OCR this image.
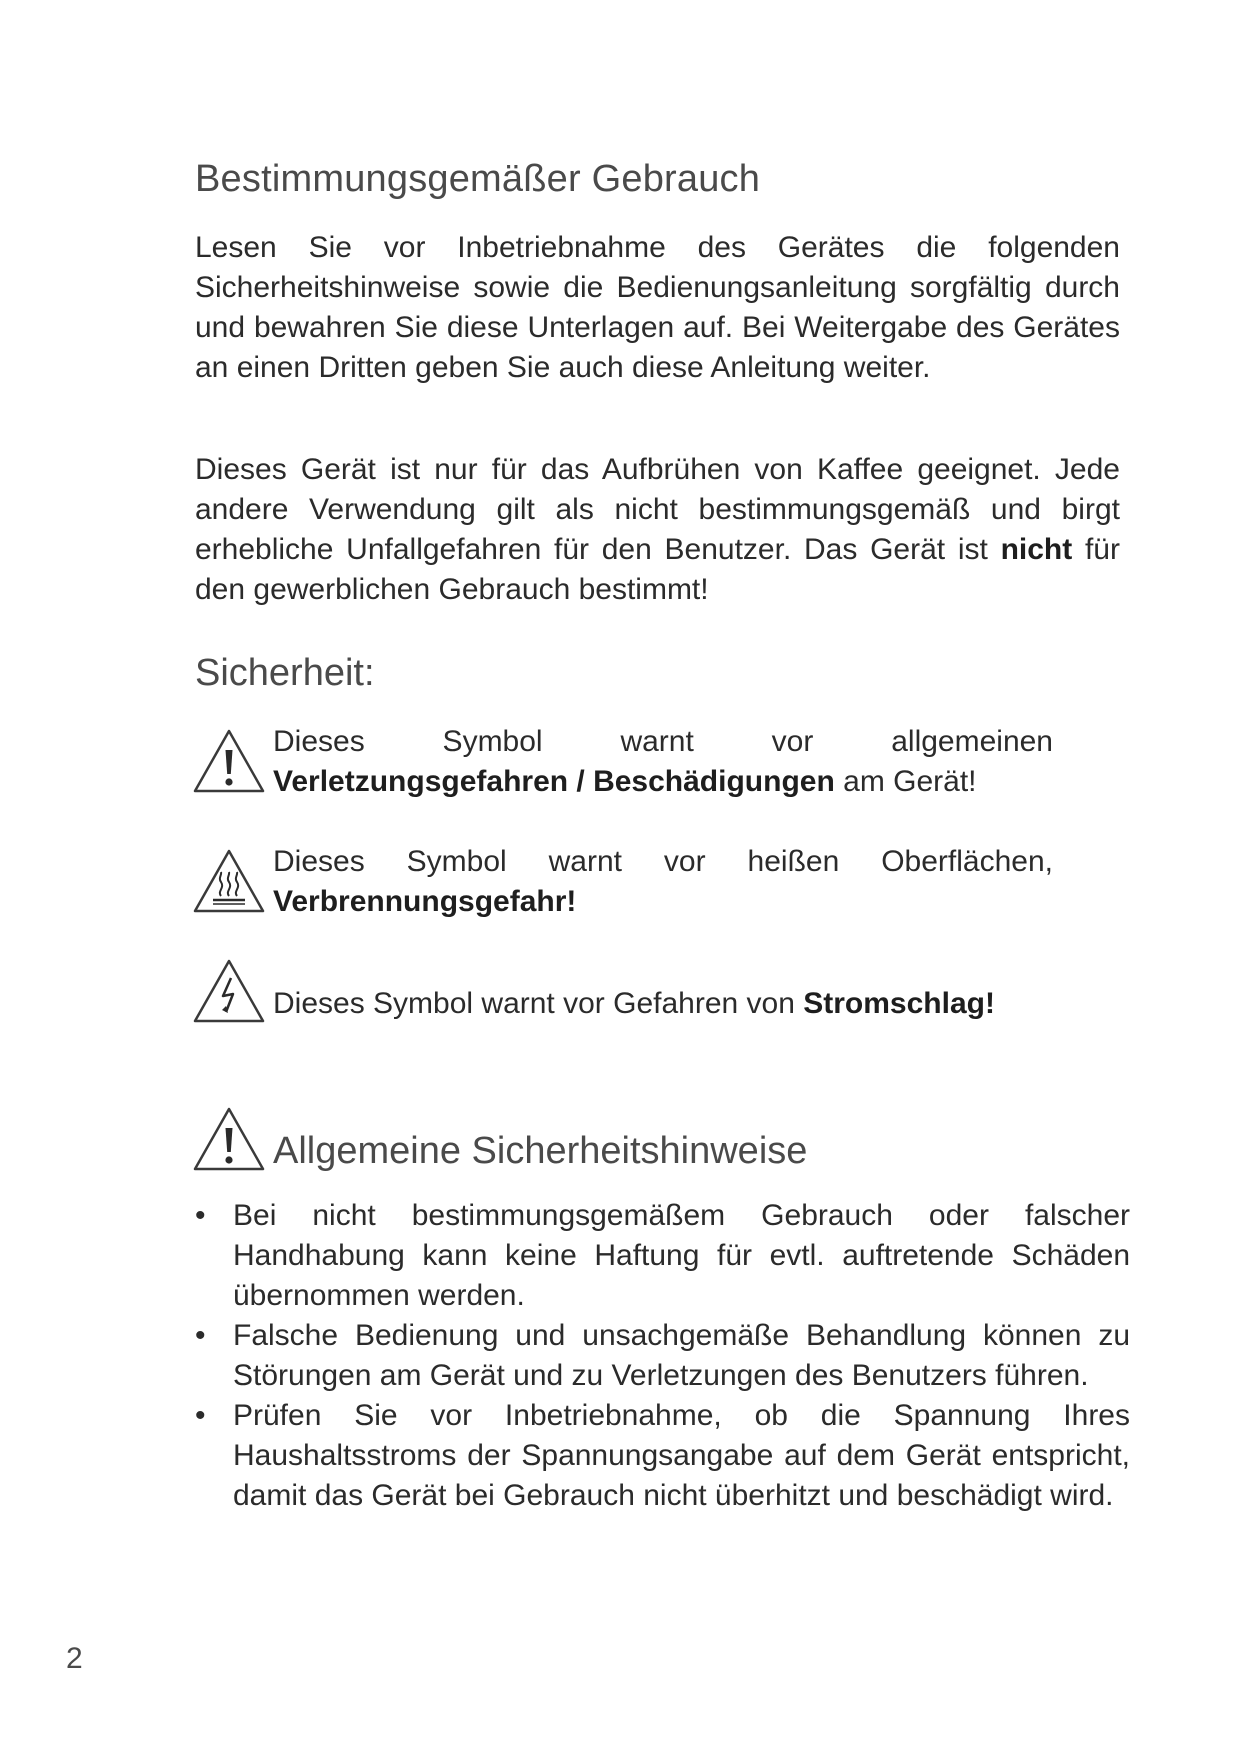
Bestimmungsgemäßer Gebrauch

Lesen Sie vor Inbetriebnahme des Gerätes die folgenden Sicherheitshinweise sowie die Bedienungsanleitung sorgfältig durch und bewahren Sie diese Unterlagen auf. Bei Weitergabe des Gerätes an einen Dritten geben Sie auch diese Anleitung weiter.

Dieses Gerät ist nur für das Aufbrühen von Kaffee geeignet. Jede andere Verwendung gilt als nicht bestimmungsgemäß und birgt erhebliche Unfallgefahren für den Benutzer. Das Gerät ist nicht für den gewerblichen Gebrauch bestimmt!

Sicherheit:

Dieses Symbol warnt vor allgemeinen
Verletzungsgefahren / Beschädigungen am Gerät!

Dieses Symbol warnt vor heißen Oberflächen,
Verbrennungsgefahr!

Dieses Symbol warnt vor Gefahren von Stromschlag!

Allgemeine Sicherheitshinweise
• Bei nicht bestimmungsgemäßem Gebrauch oder falscher Handhabung kann keine Haftung für evtl. auftretende Schäden übernommen werden.
• Falsche Bedienung und unsachgemäße Behandlung können zu Störungen am Gerät und zu Verletzungen des Benutzers führen.
• Prüfen Sie vor Inbetriebnahme, ob die Spannung Ihres Haushaltsstroms der Spannungsangabe auf dem Gerät entspricht, damit das Gerät bei Gebrauch nicht überhitzt und beschädigt wird.
2
